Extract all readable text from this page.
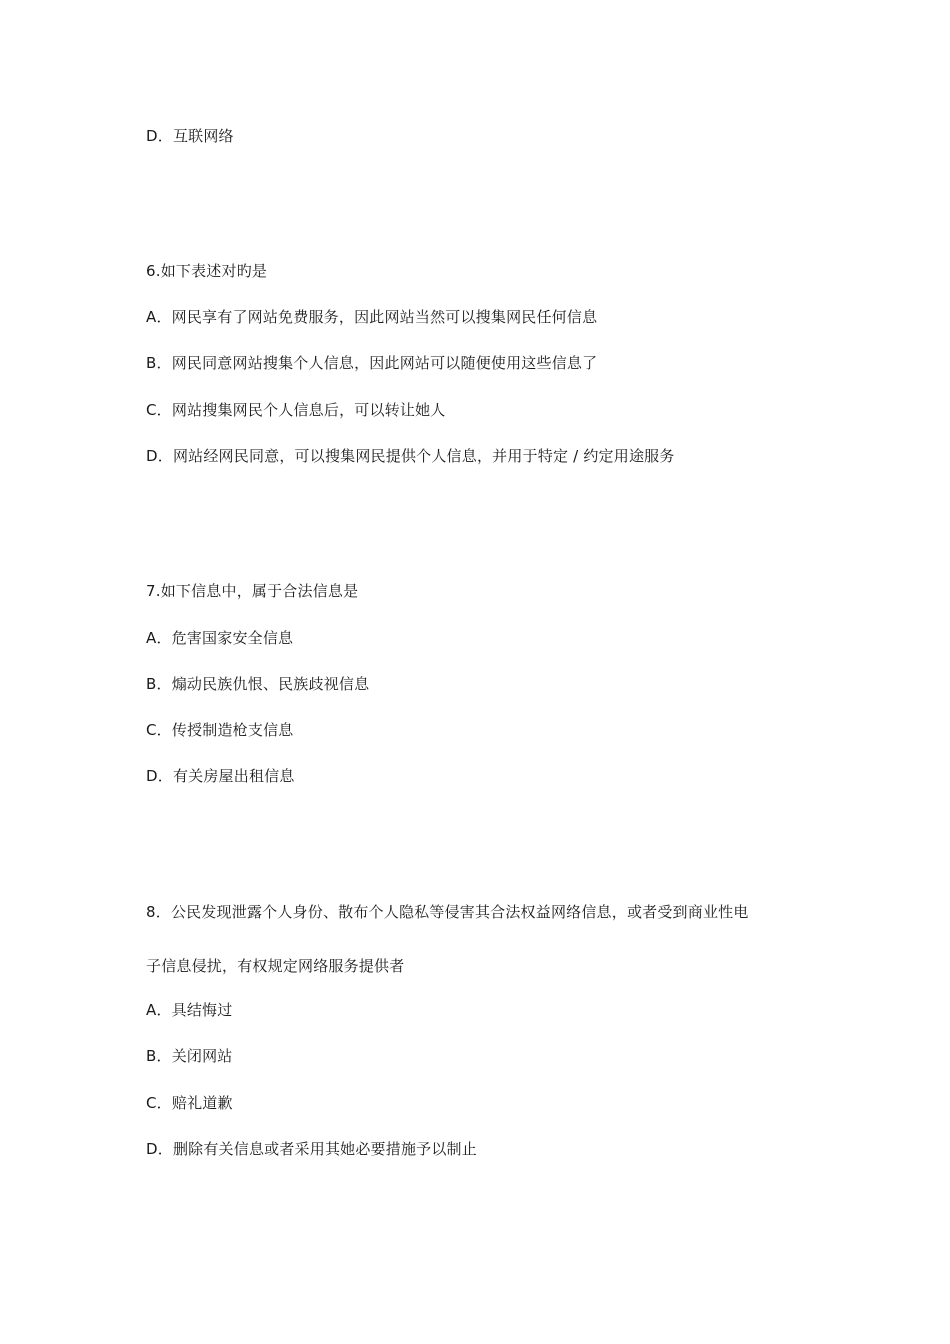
D．互联网络
6.如下表述对旳是
A．网民享有了网站免费服务，因此网站当然可以搜集网民任何信息
B．网民同意网站搜集个人信息，因此网站可以随便使用这些信息了
C．网站搜集网民个人信息后，可以转让她人
D．网站经网民同意，可以搜集网民提供个人信息，并用于特定 / 约定用途服务
7.如下信息中，属于合法信息是
A．危害国家安全信息
B．煽动民族仇恨、民族歧视信息
C．传授制造枪支信息
D．有关房屋出租信息
8．公民发现泄露个人身份、散布个人隐私等侵害其合法权益网络信息，或者受到商业性电
子信息侵扰，有权规定网络服务提供者
A．具结悔过
B．关闭网站
C．赔礼道歉
D．删除有关信息或者采用其她必要措施予以制止
